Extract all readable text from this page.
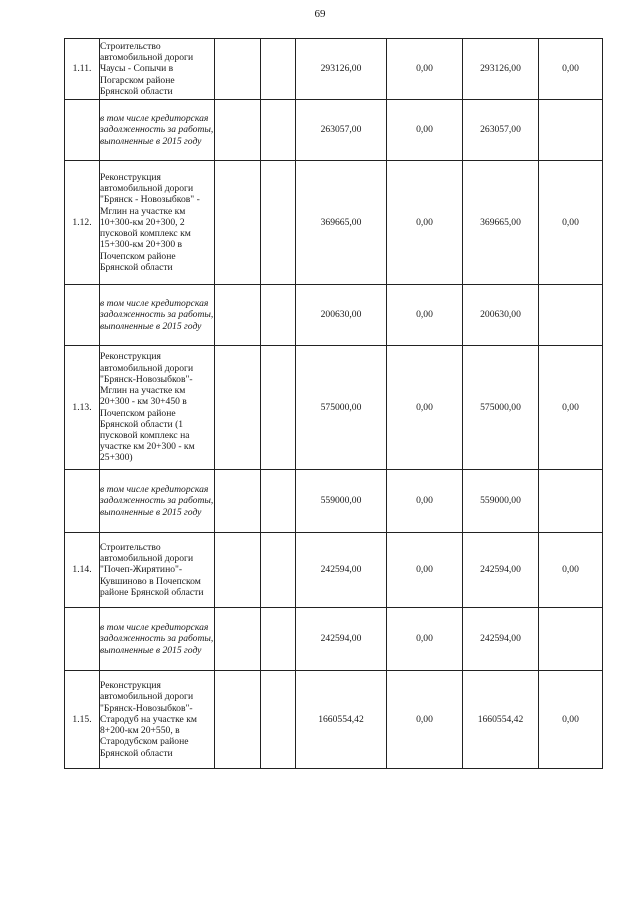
69
1.11.	Строительство автомобильной дороги Чаусы - Сопычи в Погарском районе Брянской области			293126,00	0,00	293126,00	0,00
	в том числе кредиторская задолженность за работы, выполненные в 2015 году			263057,00	0,00	263057,00	
1.12.	Реконструкция автомобильной дороги "Брянск - Новозыбков" - Мглин на участке км 10+300-км 20+300, 2 пусковой комплекс км 15+300-км 20+300 в Почепском районе Брянской области			369665,00	0,00	369665,00	0,00
	в том числе кредиторская задолженность за работы, выполненные в 2015 году			200630,00	0,00	200630,00	
1.13.	Реконструкция автомобильной дороги "Брянск-Новозыбков"-Мглин на участке км 20+300 - км 30+450 в Почепском районе Брянской области (1 пусковой комплекс на участке км 20+300 - км 25+300)			575000,00	0,00	575000,00	0,00
	в том числе кредиторская задолженность за работы, выполненные в 2015 году			559000,00	0,00	559000,00	
1.14.	Строительство автомобильной дороги "Почеп-Жирятино"-Кувшиново в Почепском районе Брянской области			242594,00	0,00	242594,00	0,00
	в том числе кредиторская задолженность за работы, выполненные в 2015 году			242594,00	0,00	242594,00	
1.15.	Реконструкция автомобильной дороги "Брянск-Новозыбков"-Стародуб на участке км 8+200-км 20+550, в Стародубском районе Брянской области			1660554,42	0,00	1660554,42	0,00
